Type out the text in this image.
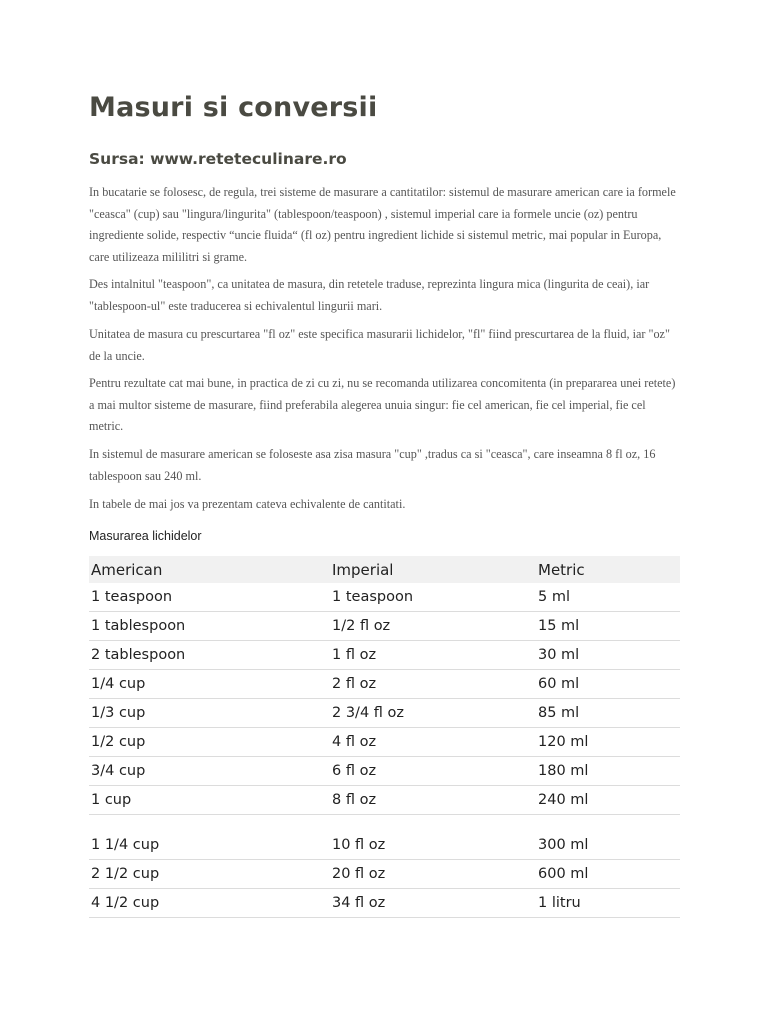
Masuri si conversii
Sursa: www.reteteculinare.ro

In bucatarie se folosesc, de regula, trei sisteme de masurare a cantitatilor: sistemul de masurare american care ia formele "ceasca" (cup) sau "lingura/lingurita" (tablespoon/teaspoon) , sistemul imperial care ia formele uncie (oz) pentru ingrediente solide, respectiv “uncie fluida“ (fl oz) pentru ingredient lichide si sistemul metric, mai popular in Europa, care utilizeaza mililitri si grame.

Des intalnitul "teaspoon", ca unitatea de masura, din retetele traduse, reprezinta lingura mica (lingurita de ceai), iar "tablespoon-ul" este traducerea si echivalentul lingurii mari.

Unitatea de masura cu prescurtarea "fl oz" este specifica masurarii lichidelor, "fl" fiind prescurtarea de la fluid, iar "oz" de la uncie.

Pentru rezultate cat mai bune, in practica de zi cu zi, nu se recomanda utilizarea concomitenta (in prepararea unei retete) a mai multor sisteme de masurare, fiind preferabila alegerea unuia singur: fie cel american, fie cel imperial, fie cel metric.

In sistemul de masurare american se foloseste asa zisa masura "cup" ,tradus ca si "ceasca", care inseamna 8 fl oz, 16 tablespoon sau 240 ml.

In tabele de mai jos va prezentam cateva echivalente de cantitati.

Masurarea lichidelor
American	Imperial	Metric
1 teaspoon	1 teaspoon	5 ml
1 tablespoon	1/2 fl oz	15 ml
2 tablespoon	1 fl oz	30 ml
1/4 cup	2 fl oz	60 ml
1/3 cup	2 3/4 fl oz	85 ml
1/2 cup	4 fl oz	120 ml
3/4 cup	6 fl oz	180 ml
1 cup	8 fl oz	240 ml

1 1/4 cup	10 fl oz	300 ml
2 1/2 cup	20 fl oz	600 ml
4 1/2 cup	34 fl oz	1 litru
